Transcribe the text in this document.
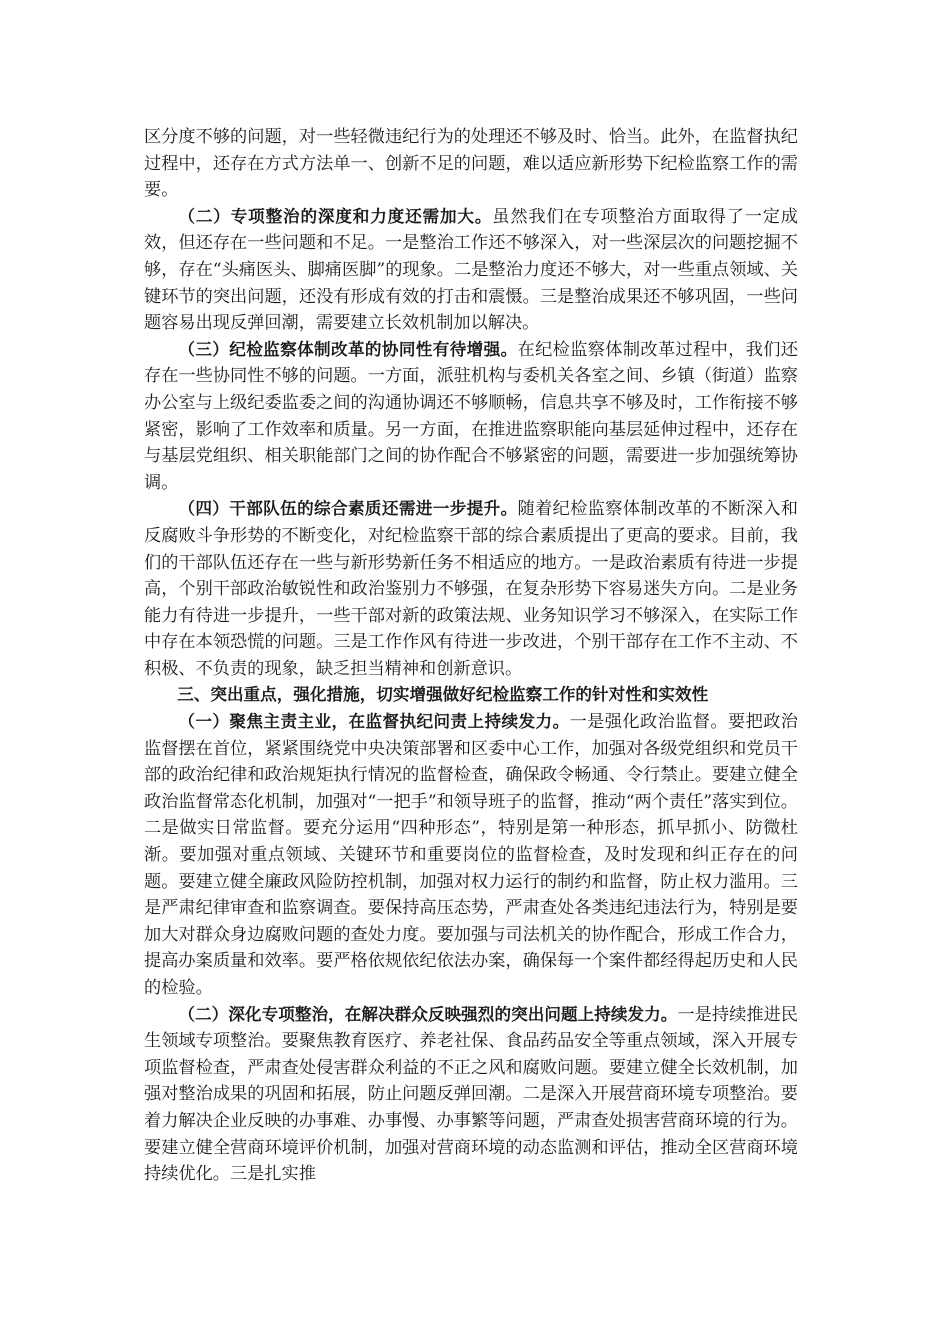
区分度不够的问题，对一些轻微违纪行为的处理还不够及时、恰当。此外，在监督执纪过程中，还存在方式方法单一、创新不足的问题，难以适应新形势下纪检监察工作的需要。

（二）专项整治的深度和力度还需加大。虽然我们在专项整治方面取得了一定成效，但还存在一些问题和不足。一是整治工作还不够深入，对一些深层次的问题挖掘不够，存在“头痛医头、脚痛医脚”的现象。二是整治力度还不够大，对一些重点领域、关键环节的突出问题，还没有形成有效的打击和震慑。三是整治成果还不够巩固，一些问题容易出现反弹回潮，需要建立长效机制加以解决。

（三）纪检监察体制改革的协同性有待增强。在纪检监察体制改革过程中，我们还存在一些协同性不够的问题。一方面，派驻机构与委机关各室之间、乡镇（街道）监察办公室与上级纪委监委之间的沟通协调还不够顺畅，信息共享不够及时，工作衔接不够紧密，影响了工作效率和质量。另一方面，在推进监察职能向基层延伸过程中，还存在与基层党组织、相关职能部门之间的协作配合不够紧密的问题，需要进一步加强统筹协调。

（四）干部队伍的综合素质还需进一步提升。随着纪检监察体制改革的不断深入和反腐败斗争形势的不断变化，对纪检监察干部的综合素质提出了更高的要求。目前，我们的干部队伍还存在一些与新形势新任务不相适应的地方。一是政治素质有待进一步提高，个别干部政治敏锐性和政治鉴别力不够强，在复杂形势下容易迷失方向。二是业务能力有待进一步提升，一些干部对新的政策法规、业务知识学习不够深入，在实际工作中存在本领恐慌的问题。三是工作作风有待进一步改进，个别干部存在工作不主动、不积极、不负责的现象，缺乏担当精神和创新意识。

三、突出重点，强化措施，切实增强做好纪检监察工作的针对性和实效性

（一）聚焦主责主业，在监督执纪问责上持续发力。一是强化政治监督。要把政治监督摆在首位，紧紧围绕党中央决策部署和区委中心工作，加强对各级党组织和党员干部的政治纪律和政治规矩执行情况的监督检查，确保政令畅通、令行禁止。要建立健全政治监督常态化机制，加强对“一把手”和领导班子的监督，推动“两个责任”落实到位。二是做实日常监督。要充分运用“四种形态”，特别是第一种形态，抓早抓小、防微杜渐。要加强对重点领域、关键环节和重要岗位的监督检查，及时发现和纠正存在的问题。要建立健全廉政风险防控机制，加强对权力运行的制约和监督，防止权力滥用。三是严肃纪律审查和监察调查。要保持高压态势，严肃查处各类违纪违法行为，特别是要加大对群众身边腐败问题的查处力度。要加强与司法机关的协作配合，形成工作合力，提高办案质量和效率。要严格依规依纪依法办案，确保每一个案件都经得起历史和人民的检验。

（二）深化专项整治，在解决群众反映强烈的突出问题上持续发力。一是持续推进民生领域专项整治。要聚焦教育医疗、养老社保、食品药品安全等重点领域，深入开展专项监督检查，严肃查处侵害群众利益的不正之风和腐败问题。要建立健全长效机制，加强对整治成果的巩固和拓展，防止问题反弹回潮。二是深入开展营商环境专项整治。要着力解决企业反映的办事难、办事慢、办事繁等问题，严肃查处损害营商环境的行为。要建立健全营商环境评价机制，加强对营商环境的动态监测和评估，推动全区营商环境持续优化。三是扎实推
